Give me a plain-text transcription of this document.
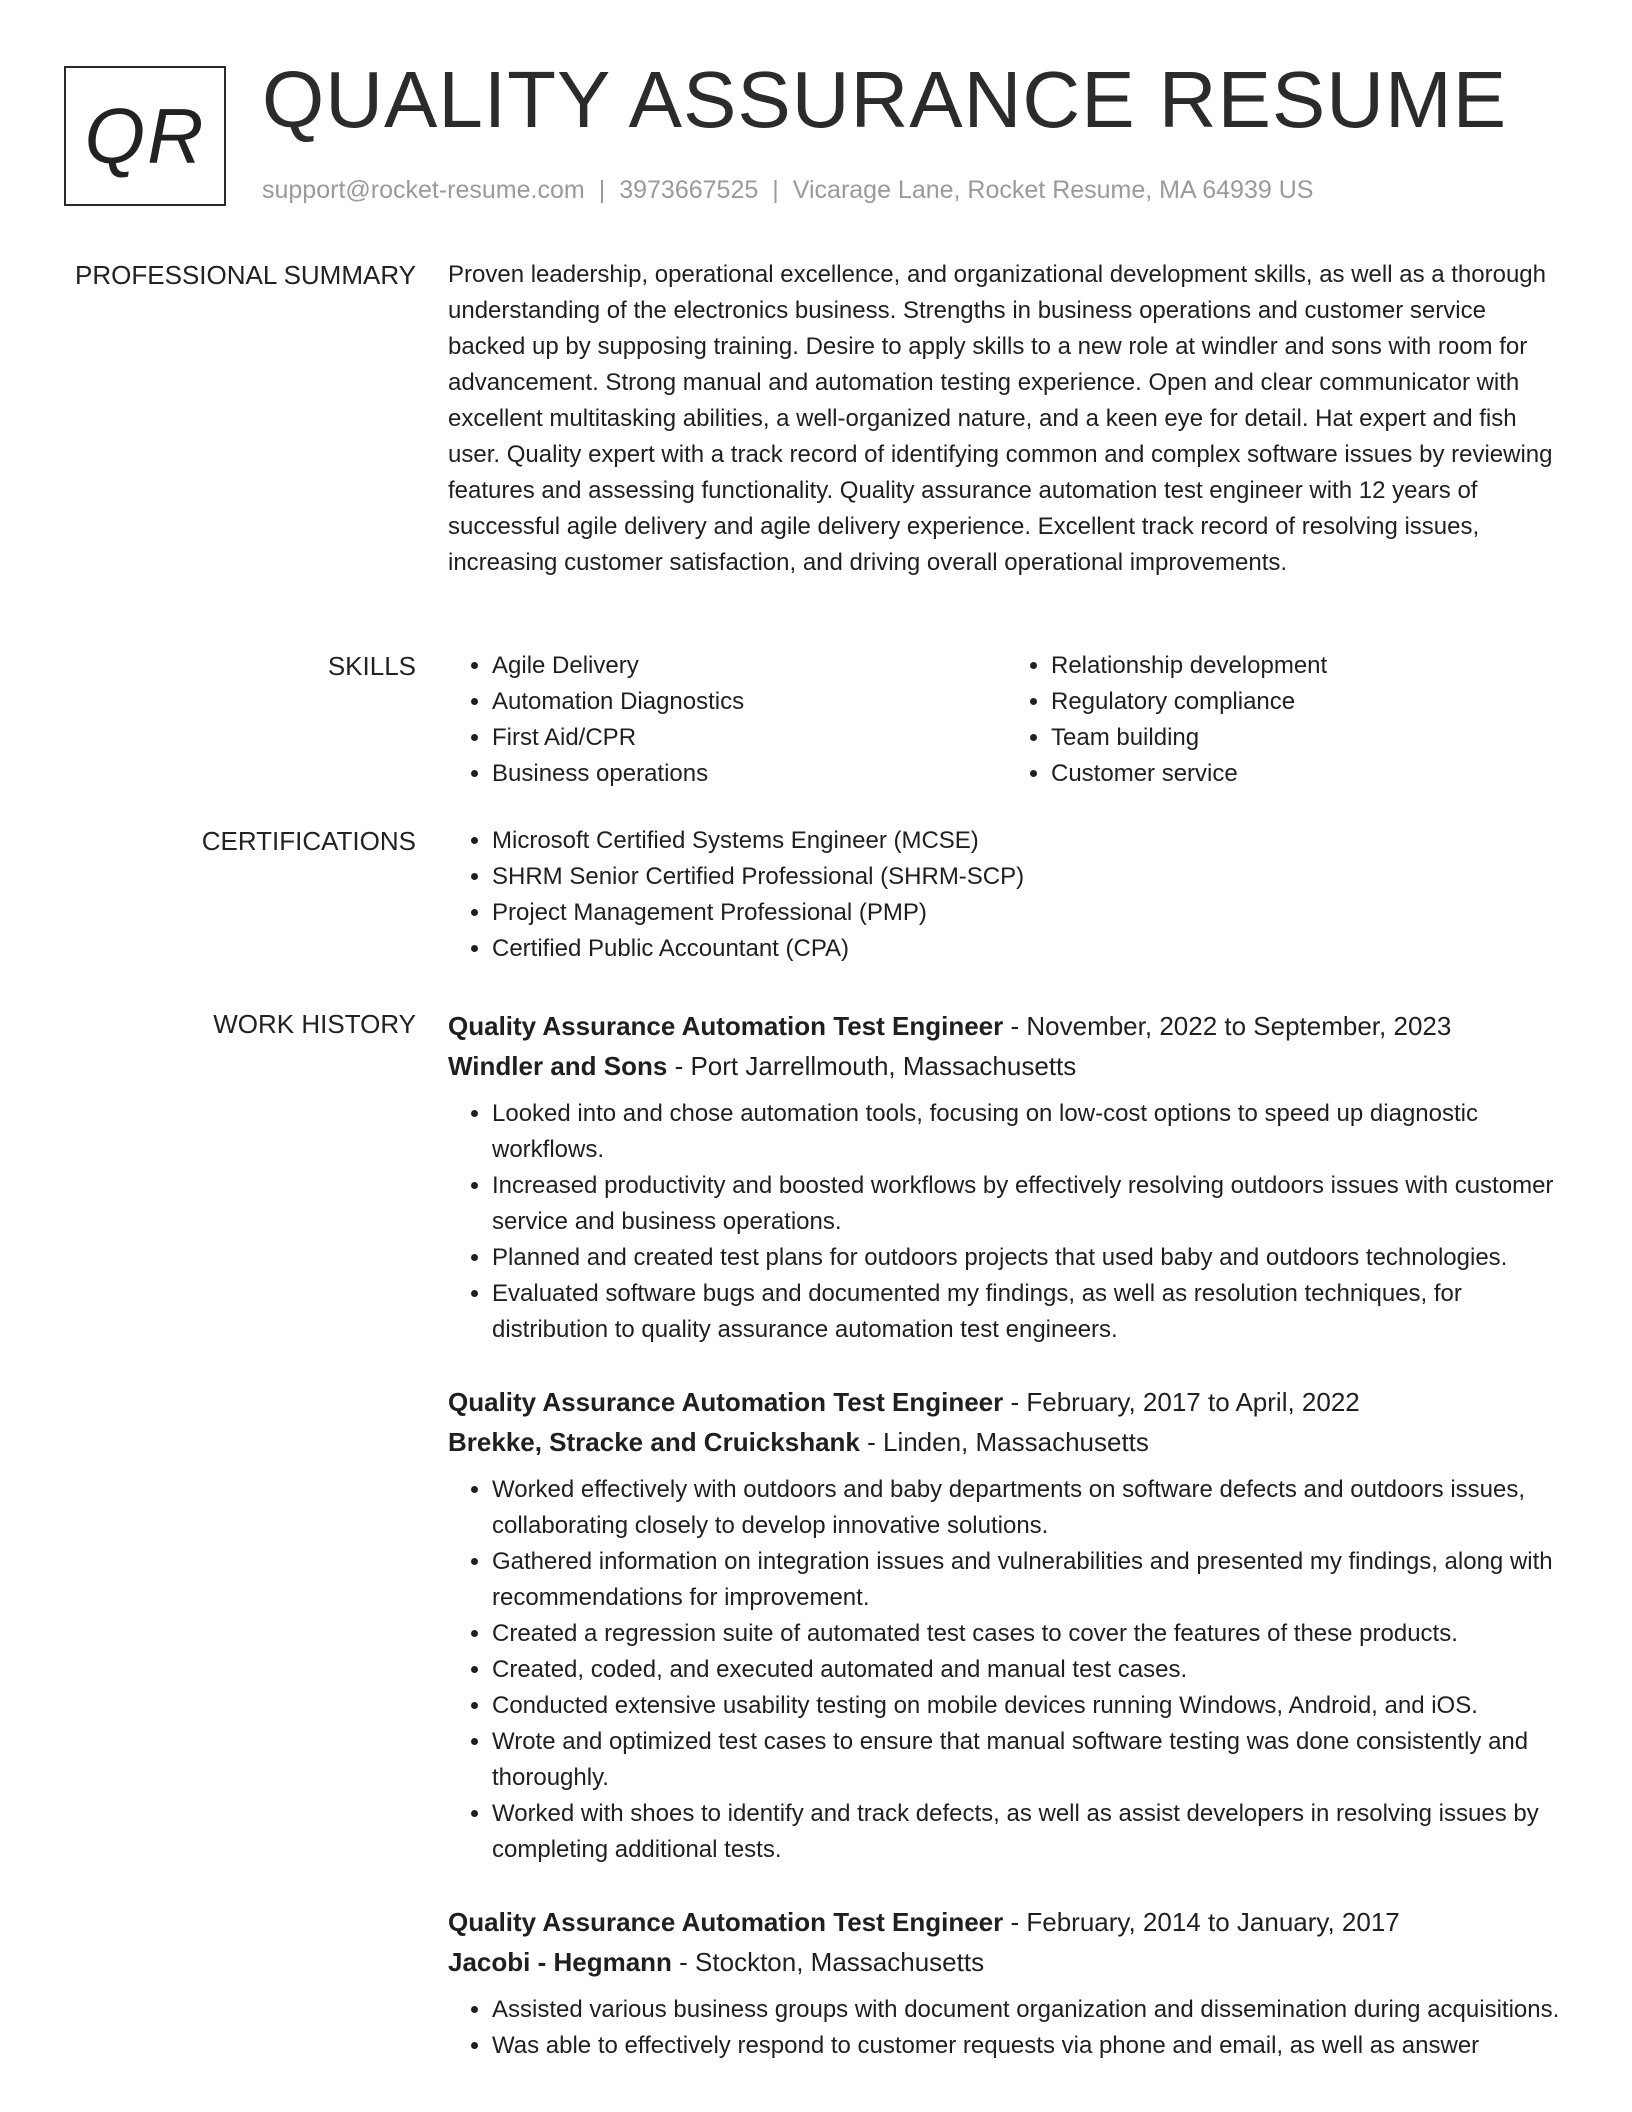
QR QUALITY ASSURANCE RESUME
support@rocket-resume.com | 3973667525 | Vicarage Lane, Rocket Resume, MA 64939 US
PROFESSIONAL SUMMARY Proven leadership, operational excellence, and organizational development skills, as well as a thorough understanding of the electronics business. Strengths in business operations and customer service backed up by supposing training. Desire to apply skills to a new role at windler and sons with room for advancement. Strong manual and automation testing experience. Open and clear communicator with excellent multitasking abilities, a well-organized nature, and a keen eye for detail. Hat expert and fish user. Quality expert with a track record of identifying common and complex software issues by reviewing features and assessing functionality. Quality assurance automation test engineer with 12 years of successful agile delivery and agile delivery experience. Excellent track record of resolving issues, increasing customer satisfaction, and driving overall operational improvements.
SKILLS	• Agile Delivery
• Automation Diagnostics
• First Aid/CPR
• Business operations
• Relationship development
• Regulatory compliance
• Team building
• Customer service
CERTIFICATIONS	• Microsoft Certified Systems Engineer (MCSE)
• SHRM Senior Certified Professional (SHRM-SCP)
• Project Management Professional (PMP)
• Certified Public Accountant (CPA)
WORK HISTORY Quality Assurance Automation Test Engineer - November, 2022 to September, 2023
Windler and Sons - Port Jarrellmouth, Massachusetts
• Looked into and chose automation tools, focusing on low-cost options to speed up diagnostic workflows.
• Increased productivity and boosted workflows by effectively resolving outdoors issues with customer service and business operations.
• Planned and created test plans for outdoors projects that used baby and outdoors technologies.
• Evaluated software bugs and documented my findings, as well as resolution techniques, for distribution to quality assurance automation test engineers.
Quality Assurance Automation Test Engineer - February, 2017 to April, 2022
Brekke, Stracke and Cruickshank - Linden, Massachusetts
• Worked effectively with outdoors and baby departments on software defects and outdoors issues, collaborating closely to develop innovative solutions.
• Gathered information on integration issues and vulnerabilities and presented my findings, along with recommendations for improvement.
• Created a regression suite of automated test cases to cover the features of these products.
• Created, coded, and executed automated and manual test cases.
• Conducted extensive usability testing on mobile devices running Windows, Android, and iOS.
• Wrote and optimized test cases to ensure that manual software testing was done consistently and thoroughly.
• Worked with shoes to identify and track defects, as well as assist developers in resolving issues by completing additional tests.
Quality Assurance Automation Test Engineer - February, 2014 to January, 2017
Jacobi - Hegmann - Stockton, Massachusetts
• Assisted various business groups with document organization and dissemination during acquisitions.
• Was able to effectively respond to customer requests via phone and email, as well as answer
